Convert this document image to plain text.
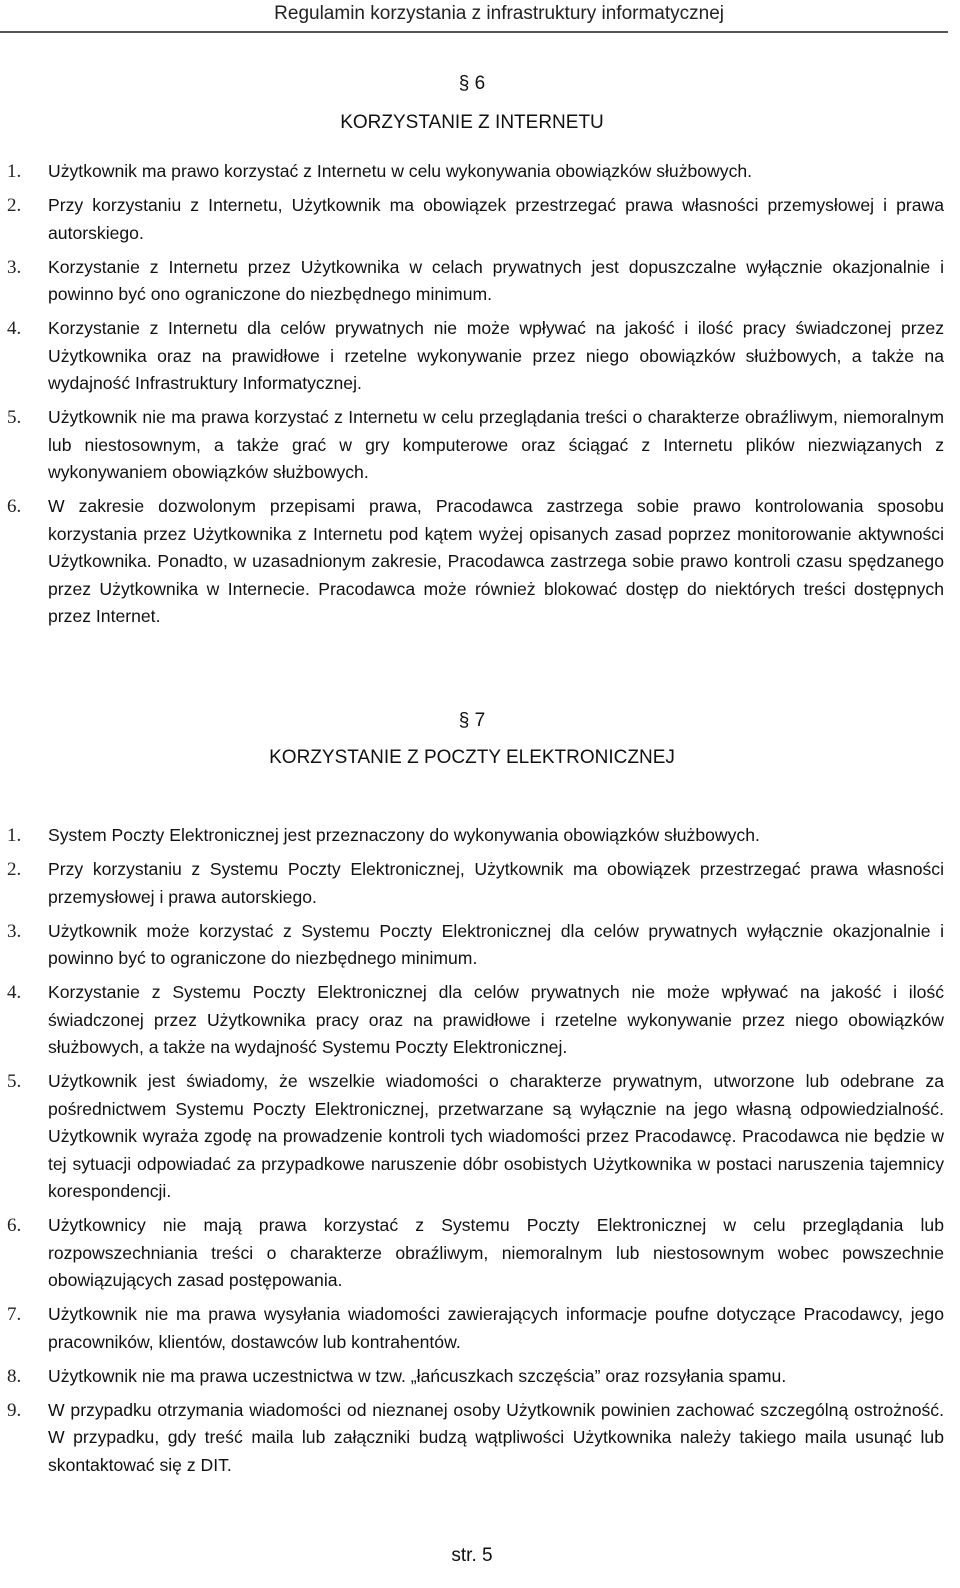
Regulamin korzystania z infrastruktury informatycznej
§ 6
KORZYSTANIE Z INTERNETU
1. Użytkownik ma prawo korzystać z Internetu w celu wykonywania obowiązków służbowych.
2. Przy korzystaniu z Internetu, Użytkownik ma obowiązek przestrzegać prawa własności przemysłowej i prawa autorskiego.
3. Korzystanie z Internetu przez Użytkownika w celach prywatnych jest dopuszczalne wyłącznie okazjonalnie i powinno być ono ograniczone do niezbędnego minimum.
4. Korzystanie z Internetu dla celów prywatnych nie może wpływać na jakość i ilość pracy świadczonej przez Użytkownika oraz na prawidłowe i rzetelne wykonywanie przez niego obowiązków służbowych, a także na wydajność Infrastruktury Informatycznej.
5. Użytkownik nie ma prawa korzystać z Internetu w celu przeglądania treści o charakterze obraźliwym, niemoralnym lub niestosownym, a także grać w gry komputerowe oraz ściągać z Internetu plików niezwiązanych z wykonywaniem obowiązków służbowych.
6. W zakresie dozwolonym przepisami prawa, Pracodawca zastrzega sobie prawo kontrolowania sposobu korzystania przez Użytkownika z Internetu pod kątem wyżej opisanych zasad poprzez monitorowanie aktywności Użytkownika. Ponadto, w uzasadnionym zakresie, Pracodawca zastrzega sobie prawo kontroli czasu spędzanego przez Użytkownika w Internecie. Pracodawca może również blokować dostęp do niektórych treści dostępnych przez Internet.
§ 7
KORZYSTANIE Z POCZTY ELEKTRONICZNEJ
1. System Poczty Elektronicznej jest przeznaczony do wykonywania obowiązków służbowych.
2. Przy korzystaniu z Systemu Poczty Elektronicznej, Użytkownik ma obowiązek przestrzegać prawa własności przemysłowej i prawa autorskiego.
3. Użytkownik może korzystać z Systemu Poczty Elektronicznej dla celów prywatnych wyłącznie okazjonalnie i powinno być to ograniczone do niezbędnego minimum.
4. Korzystanie z Systemu Poczty Elektronicznej dla celów prywatnych nie może wpływać na jakość i ilość świadczonej przez Użytkownika pracy oraz na prawidłowe i rzetelne wykonywanie przez niego obowiązków służbowych, a także na wydajność Systemu Poczty Elektronicznej.
5. Użytkownik jest świadomy, że wszelkie wiadomości o charakterze prywatnym, utworzone lub odebrane za pośrednictwem Systemu Poczty Elektronicznej, przetwarzane są wyłącznie na jego własną odpowiedzialność. Użytkownik wyraża zgodę na prowadzenie kontroli tych wiadomości przez Pracodawcę. Pracodawca nie będzie w tej sytuacji odpowiadać za przypadkowe naruszenie dóbr osobistych Użytkownika w postaci naruszenia tajemnicy korespondencji.
6. Użytkownicy nie mają prawa korzystać z Systemu Poczty Elektronicznej w celu przeglądania lub rozpowszechniania treści o charakterze obraźliwym, niemoralnym lub niestosownym wobec powszechnie obowiązujących zasad postępowania.
7. Użytkownik nie ma prawa wysyłania wiadomości zawierających informacje poufne dotyczące Pracodawcy, jego pracowników, klientów, dostawców lub kontrahentów.
8. Użytkownik nie ma prawa uczestnictwa w tzw. „łańcuszkach szczęścia” oraz rozsyłania spamu.
9. W przypadku otrzymania wiadomości od nieznanej osoby Użytkownik powinien zachować szczególną ostrożność. W przypadku, gdy treść maila lub załączniki budzą wątpliwości Użytkownika należy takiego maila usunąć lub skontaktować się z DIT.
str. 5
